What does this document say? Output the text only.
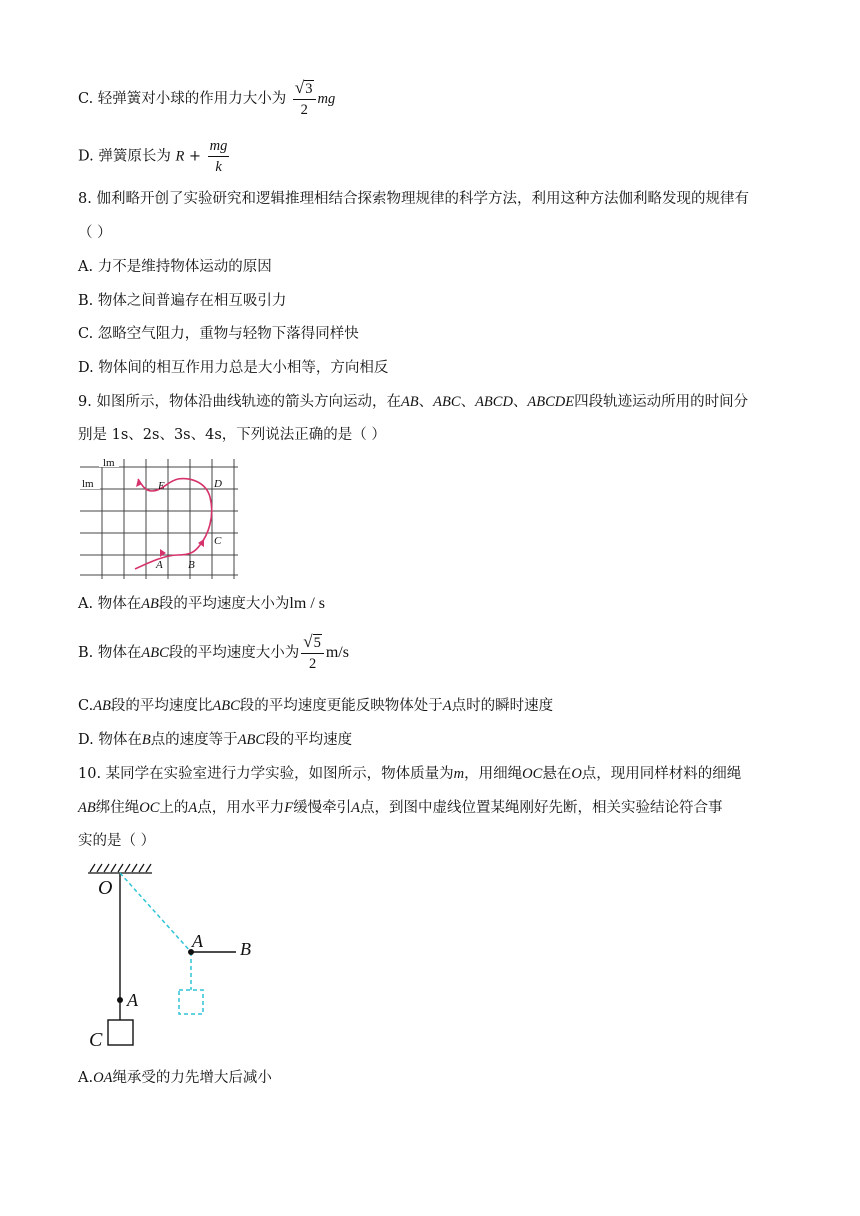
C. 轻弹簧对小球的作用力大小为 $\frac{√ 3}{2}$ mg
D. 弹簧原长为 $R + \frac{mg}{k}$
8. 伽利略开创了实验研究和逻辑推理相结合探索物理规律的科学方法，利用这种方法伽利略发现的规律有
（ ）
A. 力不是维持物体运动的原因
B. 物体之间普遍存在相互吸引力
C. 忽略空气阻力，重物与轻物下落得同样快
D. 物体间的相互作用力总是大小相等，方向相反
9. 如图所示，物体沿曲线轨迹的箭头方向运动，在AB、ABC、ABCD、ABCDE四段轨迹运动所用的时间分
别是 1s、2s、3s、4s，下列说法正确的是（ ）
lm
lm
A B
C
D
E
A. 物体在AB段的平均速度大小为lm / s
B. 物体在ABC段的平均速度大小为 $\frac{√ 5}{2} m/s$
C.AB段的平均速度比ABC段的平均速度更能反映物体处于A点时的瞬时速度
D. 物体在B点的速度等于ABC段的平均速度
10. 某同学在实验室进行力学实验，如图所示，物体质量为m，用细绳OC悬在O点，现用同样材料的细绳
AB绑住绳OC上的A点，用水平力F缓慢牵引A点，到图中虚线位置某绳刚好先断，相关实验结论符合事
实的是（ ）
O
A
A B
C
A.OA绳承受的力先增大后减小
